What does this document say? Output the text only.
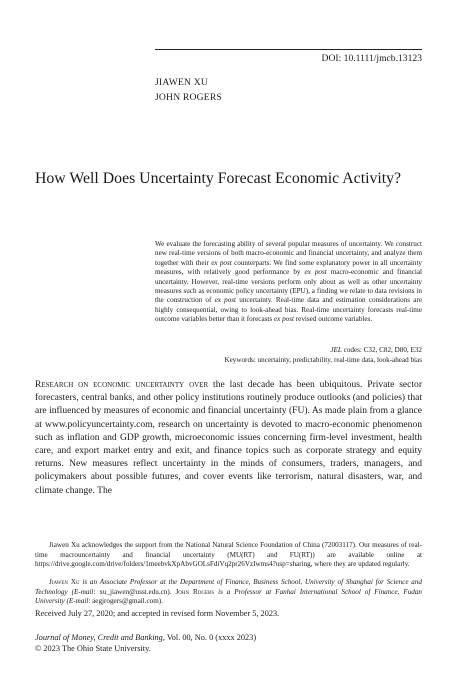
DOI: 10.1111/jmcb.13123
JIAWEN XU
JOHN ROGERS
How Well Does Uncertainty Forecast Economic Activity?

We evaluate the forecasting ability of several popular measures of uncertainty. We construct new real-time versions of both macro-economic and financial uncertainty, and analyze them together with their ex post counterparts. We find some explanatory power in all uncertainty measures, with relatively good performance by ex post macro-economic and financial uncertainty. However, real-time versions perform only about as well as other uncertainty measures such as economic policy uncertainty (EPU), a finding we relate to data revisions in the construction of ex post uncertainty. Real-time data and estimation considerations are highly consequential, owing to look-ahead bias. Real-time uncertainty forecasts real-time outcome variables better than it forecasts ex post revised outcome variables.

JEL codes: C32, C82, D80, E32
Keywords: uncertainty, predictability, real-time data, look-ahead bias

Research on economic uncertainty over the last decade has been ubiquitous. Private sector forecasters, central banks, and other policy institutions routinely produce outlooks (and policies) that are influenced by measures of economic and financial uncertainty (FU). As made plain from a glance at www.policyuncertainty.com, research on uncertainty is devoted to macro-economic phenomenon such as inflation and GDP growth, microeconomic issues concerning firm-level investment, health care, and export market entry and exit, and finance topics such as corporate strategy and equity returns. New measures reflect uncertainty in the minds of consumers, traders, managers, and policymakers about possible futures, and cover events like terrorism, natural disasters, war, and climate change. The

Jiawen Xu acknowledges the support from the National Natural Science Foundation of China (72003117). Our measures of real-time macrouncertainty and financial uncertainty (MU(RT) and FU(RT)) are available online at https://drive.google.com/drive/folders/1meebvkXpAbvGOLsFdiVq2pr26VzIwms4?usp=sharing, where they are updated regularly.

Jiawen Xu is an Associate Professor at the Department of Finance, Business School, University of Shanghai for Science and Technology (E-mail: xu_jiawen@usst.edu.cn). John Rogers is a Professor at Fanhai International School of Finance, Fudan University (E-mail: aegjrogers@gmail.com).

Received July 27, 2020; and accepted in revised form November 5, 2023.
Journal of Money, Credit and Banking, Vol. 00, No. 0 (xxxx 2023)
© 2023 The Ohio State University.
